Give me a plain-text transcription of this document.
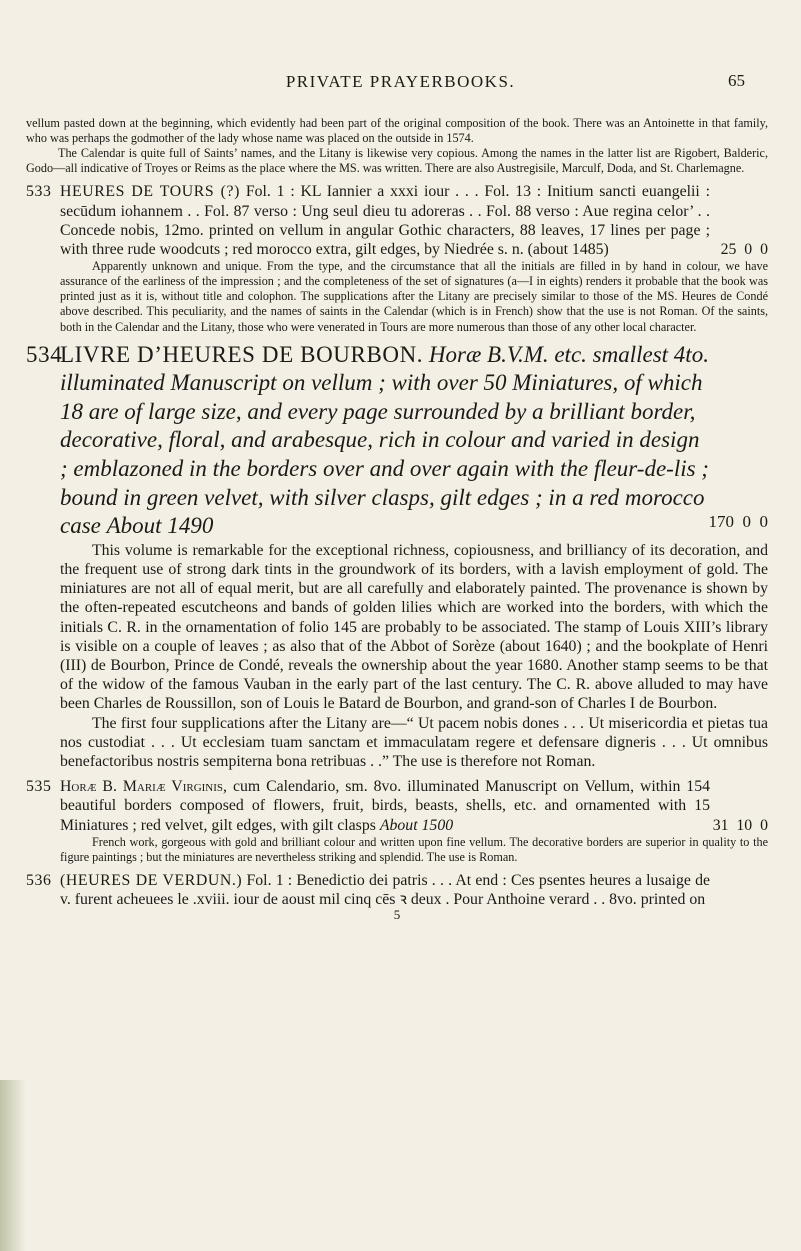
PRIVATE PRAYERBOOKS.	65

vellum pasted down at the beginning, which evidently had been part of the original composition of the book. There was an Antoinette in that family, who was perhaps the godmother of the lady whose name was placed on the outside in 1574.

The Calendar is quite full of Saints’ names, and the Litany is likewise very copious. Among the names in the latter list are Rigobert, Balderic, Godo—all indicative of Troyes or Reims as the place where the MS. was written. There are also Austregisile, Marculf, Doda, and St. Charlemagne.

533 HEURES DE TOURS (?) Fol. 1 : KL Iannier a xxxi iour . . . Fol. 13 : Initium sancti euangelii : secūdum iohannem . . Fol. 87 verso : Ung seul dieu tu adoreras . . Fol. 88 verso : Aue regina celor’ . . Concede nobis, 12mo. printed on vellum in angular Gothic characters, 88 leaves, 17 lines per page ; with three rude woodcuts ; red morocco extra, gilt edges, by Niedrée s. n. (about 1485)	25  0  0

Apparently unknown and unique. From the type, and the circumstance that all the initials are filled in by hand in colour, we have assurance of the earliness of the impression ; and the completeness of the set of signatures (a—I in eights) renders it probable that the book was printed just as it is, without title and colophon. The supplications after the Litany are precisely similar to those of the MS. Heures de Condé above described. This peculiarity, and the names of saints in the Calendar (which is in French) show that the use is not Roman. Of the saints, both in the Calendar and the Litany, those who were venerated in Tours are more numerous than those of any other local character.

534
LIVRE D’HEURES DE BOURBON. Horæ B.V.M. etc. smallest 4to. illuminated Manuscript on vellum ; with over 50 Miniatures, of which 18 are of large size, and every page surrounded by a brilliant border, decorative, floral, and arabesque, rich in colour and varied in design ; emblazoned in the borders over and over again with the fleur-de-lis ; bound in green velvet, with silver clasps, gilt edges ; in a red morocco case About 1490	170  0  0

This volume is remarkable for the exceptional richness, copiousness, and brilliancy of its decoration, and the frequent use of strong dark tints in the groundwork of its borders, with a lavish employment of gold. The miniatures are not all of equal merit, but are all carefully and elaborately painted. The provenance is shown by the often-repeated escutcheons and bands of golden lilies which are worked into the borders, with which the initials C. R. in the ornamentation of folio 145 are probably to be associated. The stamp of Louis XIII’s library is visible on a couple of leaves ; as also that of the Abbot of Sorèze (about 1640) ; and the bookplate of Henri (III) de Bourbon, Prince de Condé, reveals the ownership about the year 1680. Another stamp seems to be that of the widow of the famous Vauban in the early part of the last century. The C. R. above alluded to may have been Charles de Roussillon, son of Louis le Batard de Bourbon, and grand-son of Charles I de Bourbon.

The first four supplications after the Litany are—“ Ut pacem nobis dones . . . Ut misericordia et pietas tua nos custodiat . . . Ut ecclesiam tuam sanctam et immaculatam regere et defensare digneris . . . Ut omnibus benefactoribus nostris sempiterna bona retribuas . .” The use is therefore not Roman.

535 Horæ B. Mariæ Virginis, cum Calendario, sm. 8vo. illuminated Manuscript on Vellum, within 154 beautiful borders composed of flowers, fruit, birds, beasts, shells, etc. and ornamented with 15 Miniatures ; red velvet, gilt edges, with gilt clasps About 1500	31  10  0

French work, gorgeous with gold and brilliant colour and written upon fine vellum. The decorative borders are superior in quality to the figure paintings ; but the miniatures are nevertheless striking and splendid. The use is Roman.

536 (HEURES DE VERDUN.) Fol. 1 : Benedictio dei patris . . . At end : Ces psentes heures a lusaige de v. furent acheuees le .xviii. iour de aoust mil cinq cēs ꝛ deux . Pour Anthoine verard . . 8vo. printed on
5
